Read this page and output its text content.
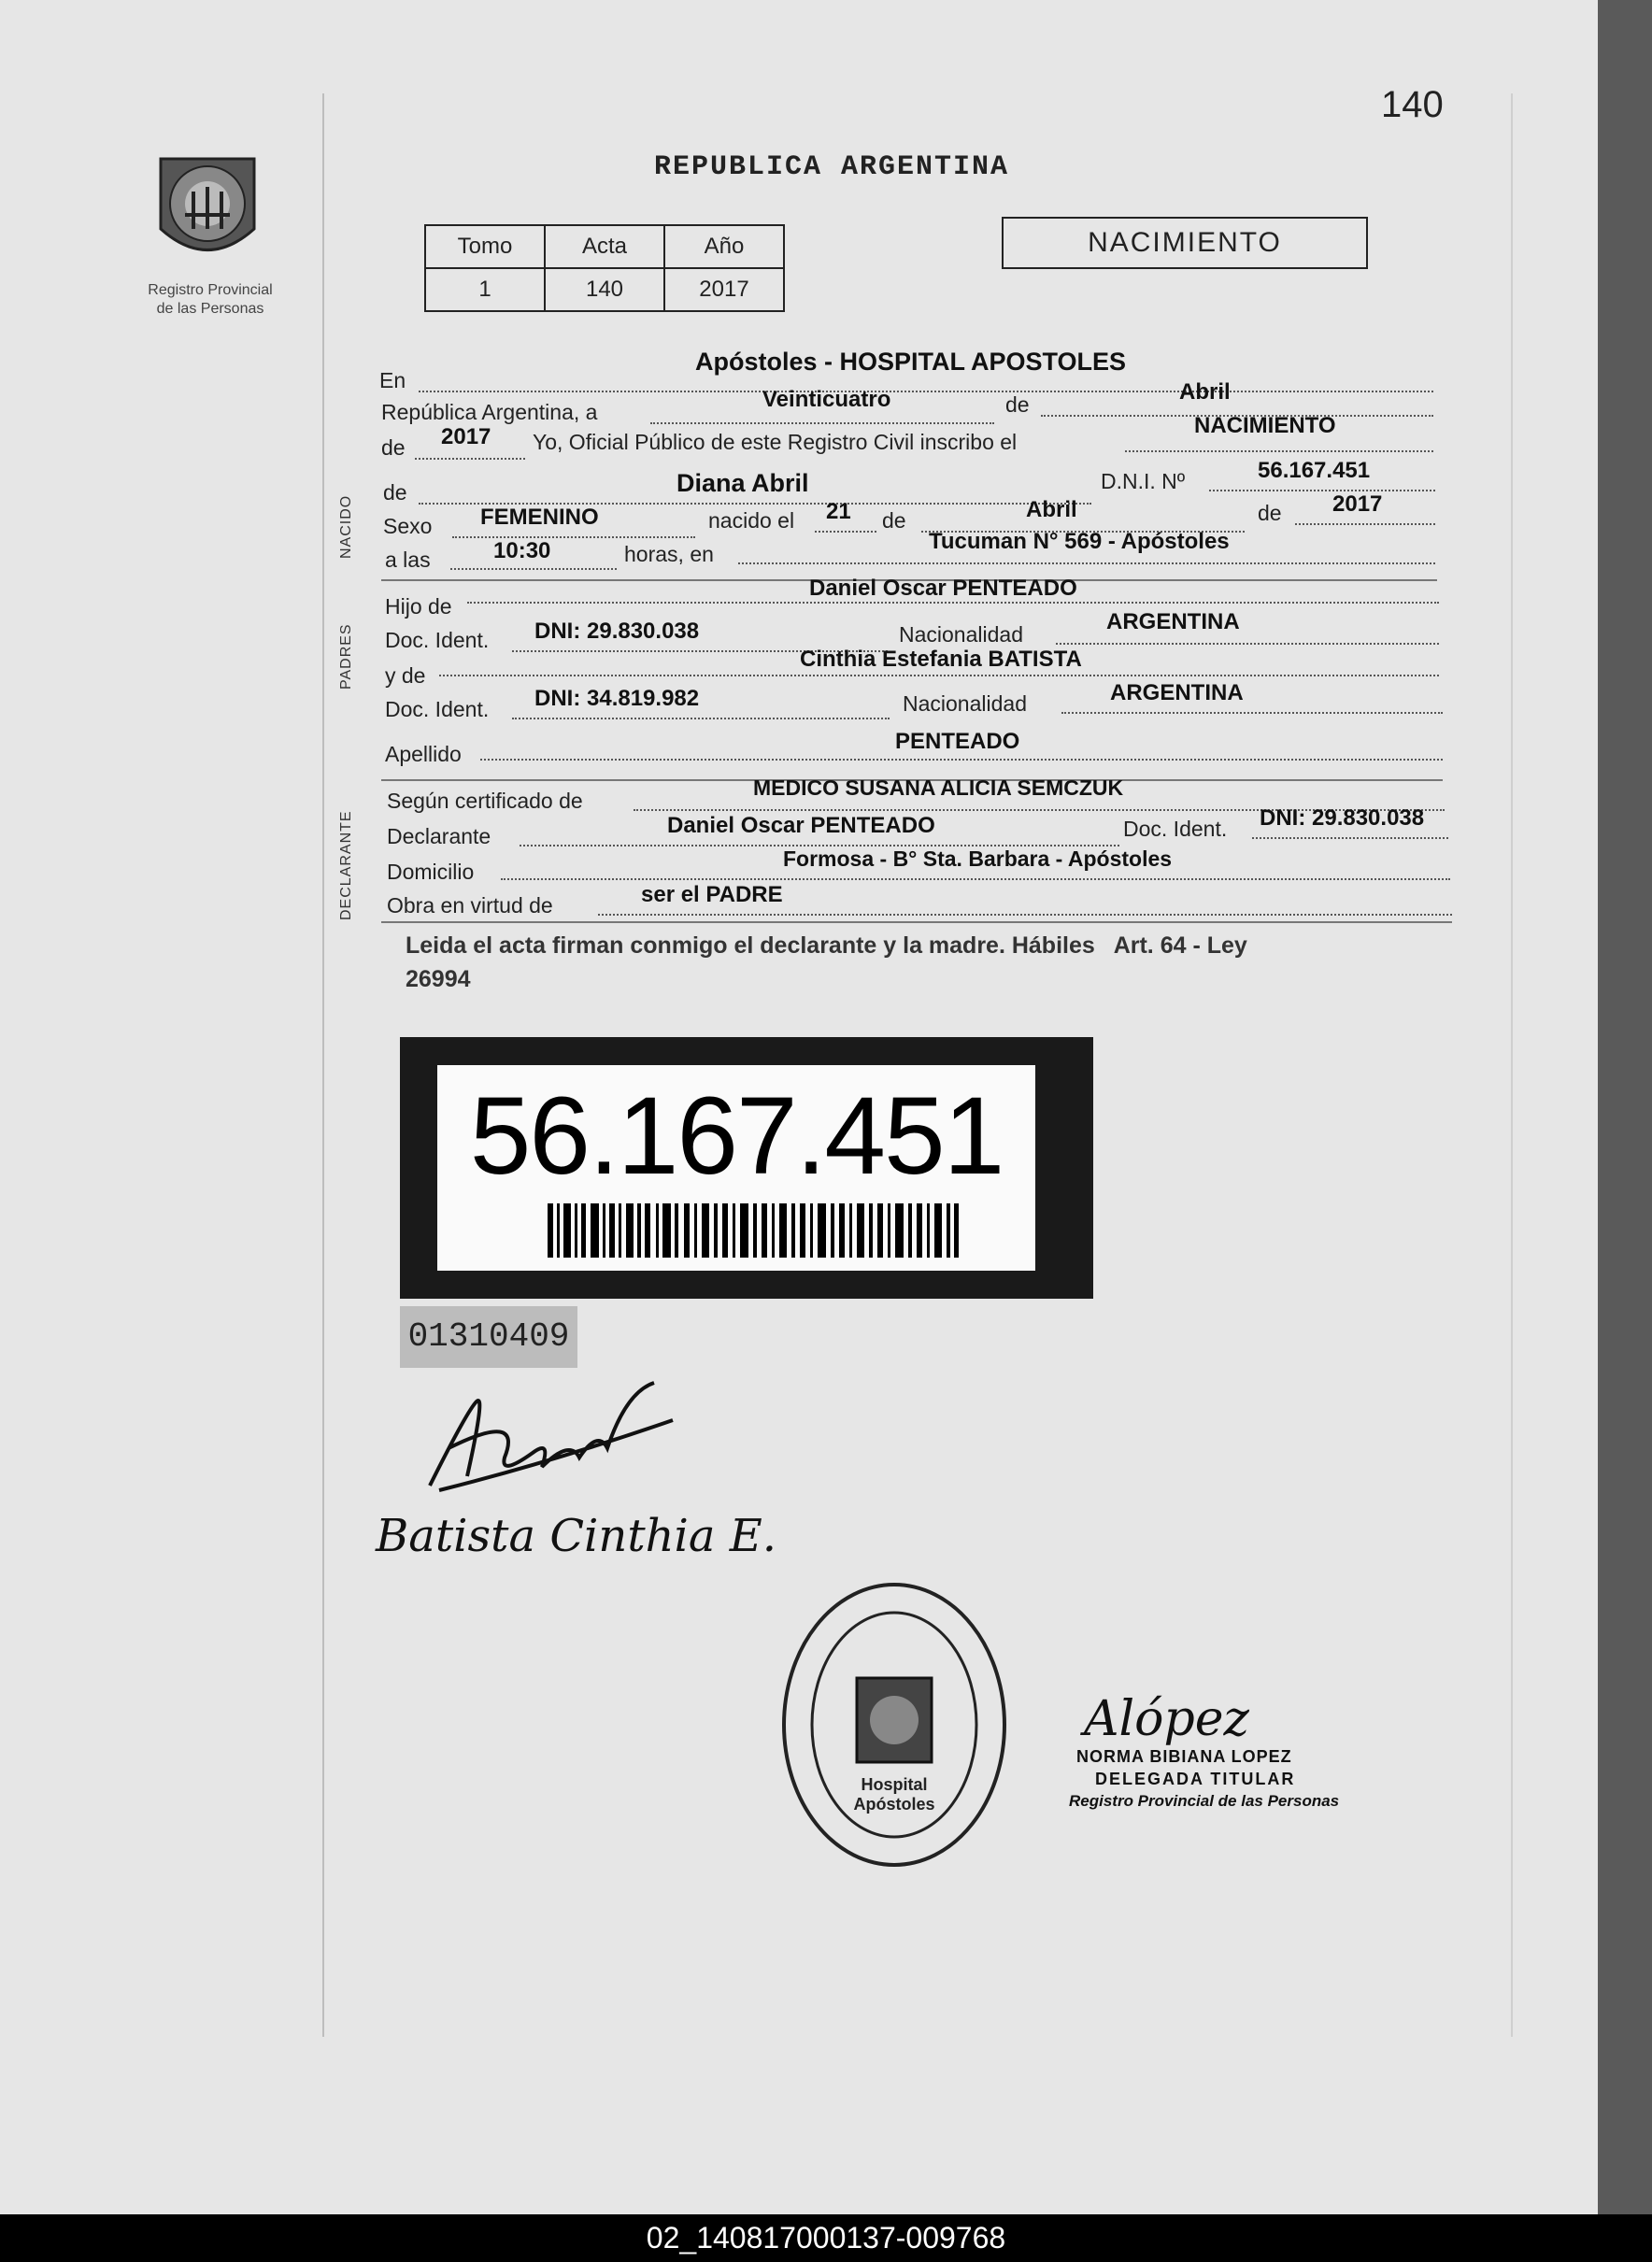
140
Registro Provincial
de las Personas
REPUBLICA ARGENTINA
Tomo	Acta	Año
1	140	2017
NACIMIENTO
NACIDO
PADRES
DECLARANTE
En
Apóstoles - HOSPITAL APOSTOLES
República Argentina, a	Veinticuatro	de	Abril
de 2017 Yo, Oficial Público de este Registro Civil inscribo el
NACIMIENTO
de	Diana Abril	D.N.I. Nº	56.167.451
Sexo FEMENINO	nacido el 21 de	Abril	de 2017
a las	10:30	horas, en	Tucuman N° 569 - Apóstoles
Hijo de
Daniel Oscar PENTEADO
Doc. Ident. DNI: 29.830.038	Nacionalidad	ARGENTINA
y de
Cinthia Estefania BATISTA
Doc. Ident. DNI: 34.819.982	Nacionalidad	ARGENTINA
Apellido	PENTEADO
Según certificado de
MEDICO SUSANA ALICIA SEMCZUK
Declarante	Daniel Oscar PENTEADO	Doc. Ident. DNI: 29.830.038
Domicilio
Formosa - B° Sta. Barbara - Apóstoles
Obra en virtud de	ser el PADRE
Leida el acta firman conmigo el declarante y la madre. Hábiles   Art. 64 - Ley
26994
56.167.451
01310409
Batista Cinthia E.
Hospital Apóstoles
Alópez
NORMA BIBIANA LOPEZ
DELEGADA TITULAR
Registro Provincial de las Personas
02_140817000137-009768
